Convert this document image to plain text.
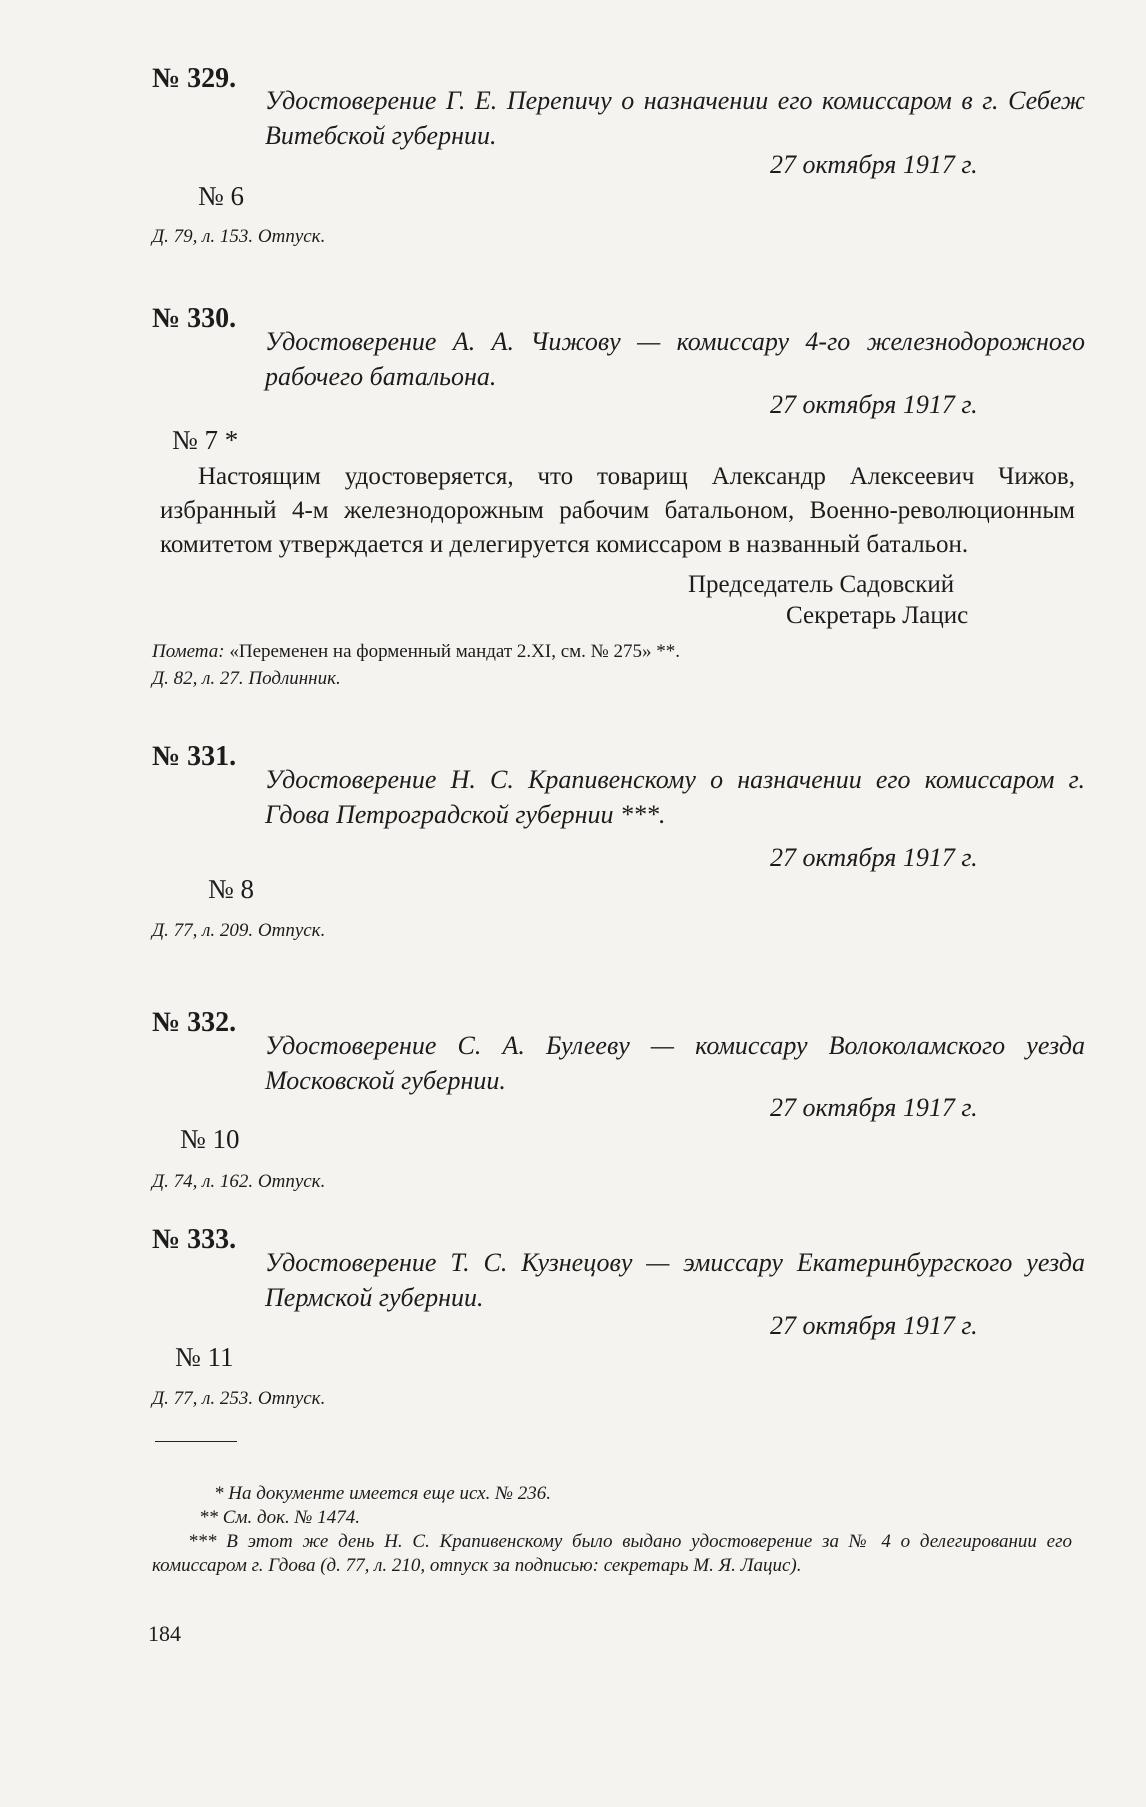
№ 329.
Удостоверение Г. Е. Перепичу о назначении его комиссаром в г. Себеж Витебской губернии.
27 октября 1917 г.
№ 6
Д. 79, л. 153. Отпуск.
№ 330.
Удостоверение А. А. Чижову — комиссару 4-го железнодорожного рабочего батальона.
27 октября 1917 г.
№ 7 *
Настоящим удостоверяется, что товарищ Александр Алексеевич Чижов, избранный 4-м железнодорожным рабочим батальоном, Военно-революционным комитетом утверждается и делегируется комиссаром в названный батальон.
Председатель Садовский
Секретарь Лацис
Помета: «Переменен на форменный мандат 2.XI, см. № 275» **.
Д. 82, л. 27. Подлинник.
№ 331.
Удостоверение Н. С. Крапивенскому о назначении его комиссаром г. Гдова Петроградской губернии ***.
27 октября 1917 г.
№ 8
Д. 77, л. 209. Отпуск.
№ 332.
Удостоверение С. А. Булееву — комиссару Волоколамского уезда Московской губернии.
27 октября 1917 г.
№ 10
Д. 74, л. 162. Отпуск.
№ 333.
Удостоверение Т. С. Кузнецову — эмиссару Екатеринбургского уезда Пермской губернии.
27 октября 1917 г.
№ 11
Д. 77, л. 253. Отпуск.
* На документе имеется еще исх. № 236.
** См. док. № 1474.
*** В этот же день Н. С. Крапивенскому было выдано удостоверение за № 4 о делегировании его комиссаром г. Гдова (д. 77, л. 210, отпуск за подписью: секретарь М. Я. Лацис).
184
